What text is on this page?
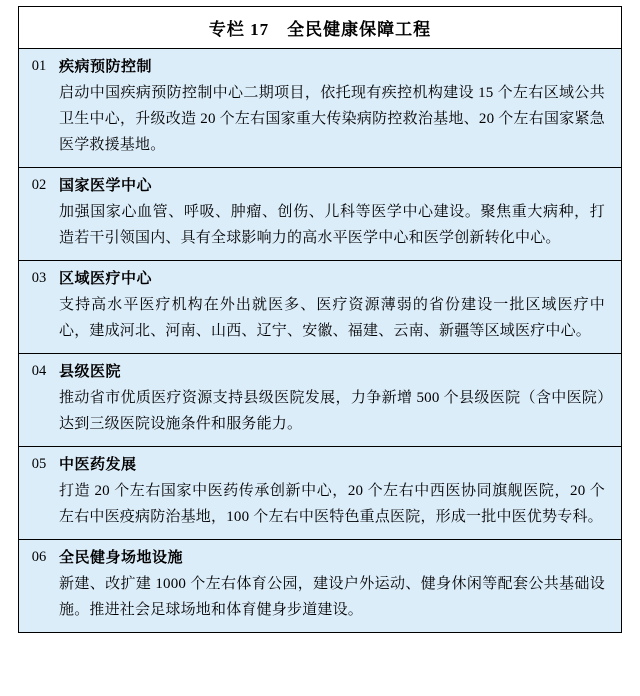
专栏 17 全民健康保障工程
01 疾病预防控制
启动中国疾病预防控制中心二期项目，依托现有疾控机构建设 15 个左右区域公共卫生中心，升级改造 20 个左右国家重大传染病防控救治基地、20 个左右国家紧急医学救援基地。
02 国家医学中心
加强国家心血管、呼吸、肿瘤、创伤、儿科等医学中心建设。聚焦重大病种，打造若干引领国内、具有全球影响力的高水平医学中心和医学创新转化中心。
03 区域医疗中心
支持高水平医疗机构在外出就医多、医疗资源薄弱的省份建设一批区域医疗中心，建成河北、河南、山西、辽宁、安徽、福建、云南、新疆等区域医疗中心。
04 县级医院
推动省市优质医疗资源支持县级医院发展，力争新增 500 个县级医院（含中医院）达到三级医院设施条件和服务能力。
05 中医药发展
打造 20 个左右国家中医药传承创新中心，20 个左右中西医协同旗舰医院，20 个左右中医疫病防治基地，100 个左右中医特色重点医院，形成一批中医优势专科。
06 全民健身场地设施
新建、改扩建 1000 个左右体育公园，建设户外运动、健身休闲等配套公共基础设施。推进社会足球场地和体育健身步道建设。
